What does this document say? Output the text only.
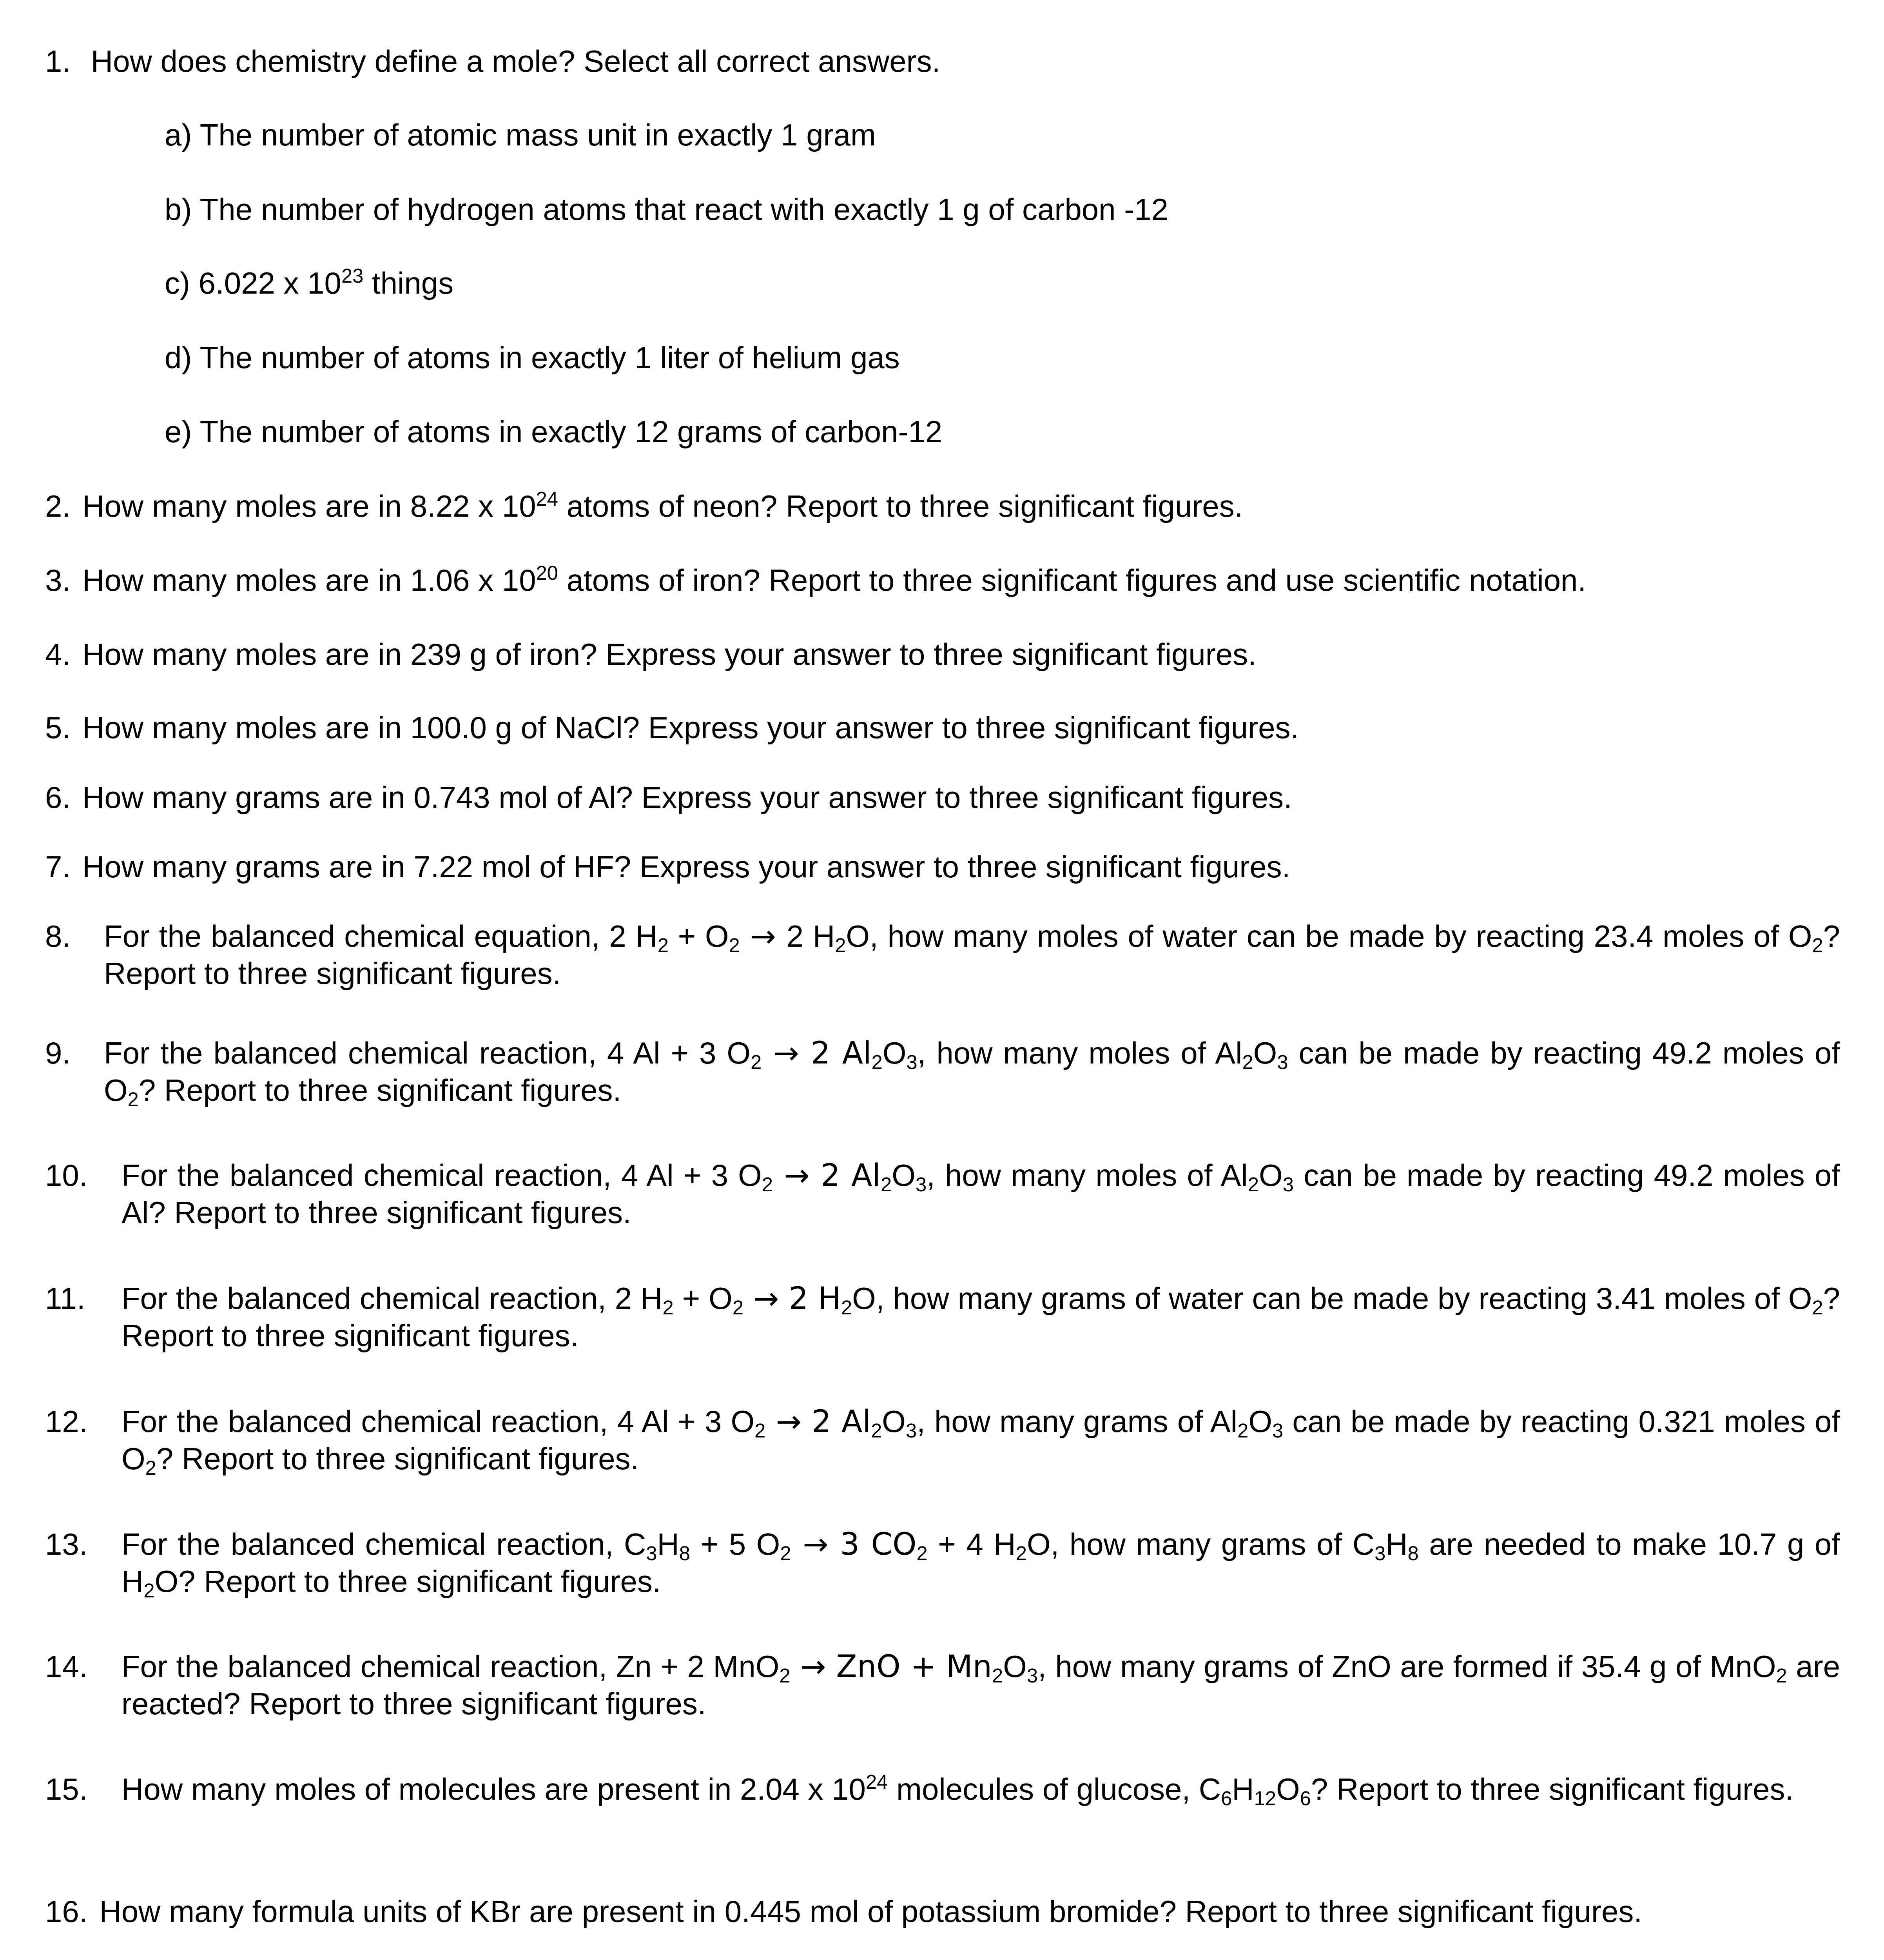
1. How does chemistry define a mole? Select all correct answers.
a) The number of atomic mass unit in exactly 1 gram
b) The number of hydrogen atoms that react with exactly 1 g of carbon -12
c) 6.022 x $10^{23}$ things
d) The number of atoms in exactly 1 liter of helium gas
e) The number of atoms in exactly 12 grams of carbon-12
2. How many moles are in 8.22 x $10^{24}$ atoms of neon? Report to three significant figures.
3. How many moles are in 1.06 x $10^{20}$ atoms of iron? Report to three significant figures and use scientific notation.
4. How many moles are in 239 g of iron? Express your answer to three significant figures.
5. How many moles are in 100.0 g of NaCl? Express your answer to three significant figures.
6. How many grams are in 0.743 mol of Al? Express your answer to three significant figures.
7. How many grams are in 7.22 mol of HF? Express your answer to three significant figures.
8.	For the balanced chemical equation, 2 $H_2 + O_2 \to 2$ $H_2O$, how many moles of water can be made by reacting 23.4 moles of $O_2$? Report to three significant figures.
9.	For the balanced chemical reaction, 4 Al + 3 $O_2 \to 2$ $Al_2O_3$, how many moles of $Al_2O_3$ can be made by reacting 49.2 moles of $O_2$? Report to three significant figures.
10.	For the balanced chemical reaction, 4 Al + 3 $O_2 \to 2$ $Al_2O_3$, how many moles of $Al_2O_3$ can be made by reacting 49.2 moles of Al? Report to three significant figures.
11.	For the balanced chemical reaction, 2 $H_2 + O_2 \to 2$ $H_2O$, how many grams of water can be made by reacting 3.41 moles of $O_2$? Report to three significant figures.
12.	For the balanced chemical reaction, 4 Al + 3 $O_2 \to 2$ $Al_2O_3$, how many grams of $Al_2O_3$ can be made by reacting 0.321 moles of $O_2$? Report to three significant figures.
13.	For the balanced chemical reaction, $C_3H_8 + 5$ $O_2 \to 3$ $CO_2 + 4$ $H_2O$, how many grams of $C_3H_8$ are needed to make 10.7 g of $H_2O$? Report to three significant figures.
14.	For the balanced chemical reaction, Zn + 2 MnO$_2$ → ZnO + $Mn_2O_3$, how many grams of ZnO are formed if 35.4 g of MnO$_2$ are reacted? Report to three significant figures.
15.	How many moles of molecules are present in 2.04 x $10^{24}$ molecules of glucose, $C_6H_{12}O_6$? Report to three significant figures.
16. How many formula units of KBr are present in 0.445 mol of potassium bromide? Report to three significant figures.
